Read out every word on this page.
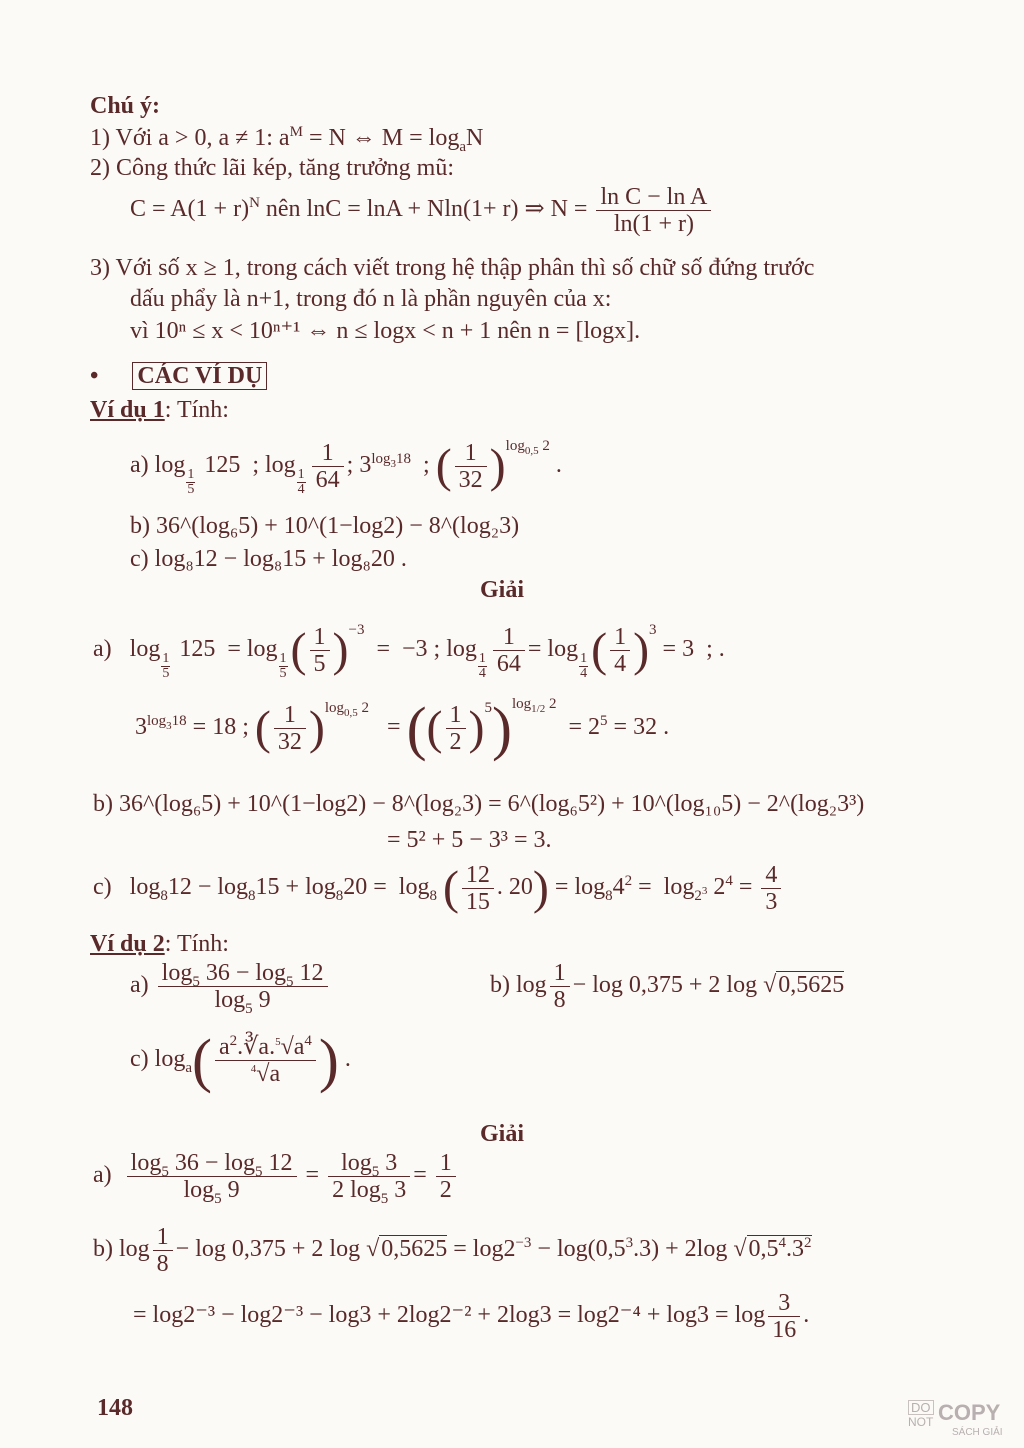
Chú ý:
1) Với a > 0, a ≠ 1: $a^M = N$ ⇔ $M = \log_aN$
2) Công thức lãi kép, tăng trưởng mũ:
$C = A(1 + r)^N$ nên lnC = lnA + Nln(1+ r) ⇒ $N = \frac{\text{ln C − ln A}}{\ln(1 + r)}$
3) Với số x ≥ 1, trong cách viết trong hệ thập phân thì số chữ số đứng trước
dấu phẩy là n+1, trong đó n là phần nguyên của x:
vì 10ⁿ ≤ x < 10ⁿ⁺¹ ⇔ n ≤ logx < n + 1 nên n = [logx].
• CÁC VÍ DỤ
Ví dụ 1: Tính:
a) log
$\frac{1}{5}$
125  ; log
$\frac{1}{4} \frac{1}{64}$ ; $3^{log_318}$  ; ( $\frac{1}{32} )^{log_{0,5} 2}$ .
b) 36^(log₆5) + 10^(1−log2) − 8^(log₂3)
c) log₈12 − log₈15 + log₈20 .
Giải
a)   log
$\frac{1}{5}$
125  = log
$\frac{1}{5}$ ( $\frac{1}{5} )^{-3} = -3$ ; log
$\frac{1}{4} \frac{1}{64} = \log$
$\frac{1}{4}$ ( $\frac{1}{4} )^3 = 3$  ; .
$3^{log_318} = 18$ ; ( $\frac{1}{32} )^{log_{0,5} 2}$   = (( $\frac{1}{2} )^5)^{log_{1/2} 2} = 2^5 = 32$ .
b) 36^(log₆5) + 10^(1−log2) − 8^(log₂3) = 6^(log₆5²) + 10^(log₁₀5) − 2^(log₂3³)
= 5² + 5 − 3³ = 3.
c)   $\log_812 - \log_815 + \log_820 = \log_8$ ( $\frac{12}{15}$ . $20) = \log_84^2 = \log_{2^3} 2^4 = \frac{4}{3}$
Ví dụ 2: Tính:
$a) \frac{\log_5 36 - \log_5 12}{\log_5 9}$	b) $\log \frac{1}{8} - \log 0,375 + 2$ log √0,5625
c) $\log_a( \frac{a^2.∛a.^5√a^4}{^4√a}$ ) .
Giải
$a) \frac{\log_5 36 - \log_5 12}{\log_5 9} = \frac{\log_5 3}{2 \log_5 3} = \frac{1}{2}$
b) $\log \frac{1}{8} - \log 0,375 + 2$ $\log √0,5625 = \log 2^{-3} - \log(0,5^3.3) + 2\log$ $√0,5^4.3^2$
= $\log 2^{-3} - \log 2^{-3} - \log 3 + 2\log 2^{-2} + 2\log 3 = \log 2^{-4} + \log 3 = \log \frac{3}{16}$ .
148	DO
NOT COPY
SÁCH GIẢI
